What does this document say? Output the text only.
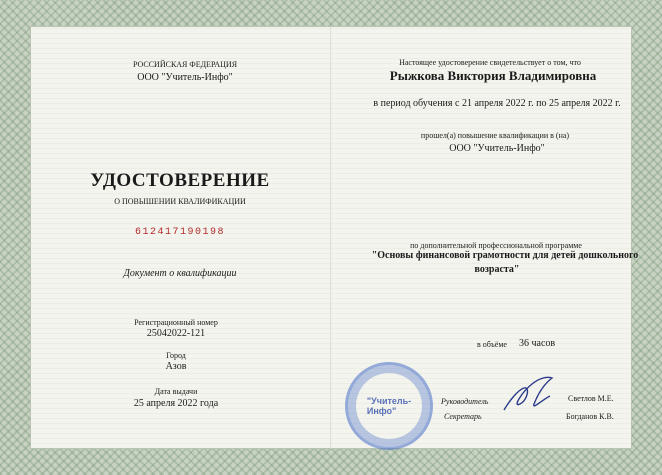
РОССИЙСКАЯ ФЕДЕРАЦИЯ
ООО "Учитель-Инфо"
УДОСТОВЕРЕНИЕ
О ПОВЫШЕНИИ КВАЛИФИКАЦИИ
612417190198
Документ о квалификации
Регистрационный номер
25042022-121
Город
Азов
Дата выдачи
25 апреля 2022 года
Настоящее удостоверение свидетельствует о том, что
Рыжкова Виктория Владимировна
в период обучения с 21 апреля 2022 г. по 25 апреля 2022 г.
прошел(а) повышение квалификации в (на)
ООО "Учитель-Инфо"
по дополнительной профессиональной программе
"Основы финансовой грамотности для детей дошкольного
возраста"
в объёме 36 часов
"Учитель-Инфо"
Руководитель
Секретарь
Светлов М.Е.
Богданов К.В.
